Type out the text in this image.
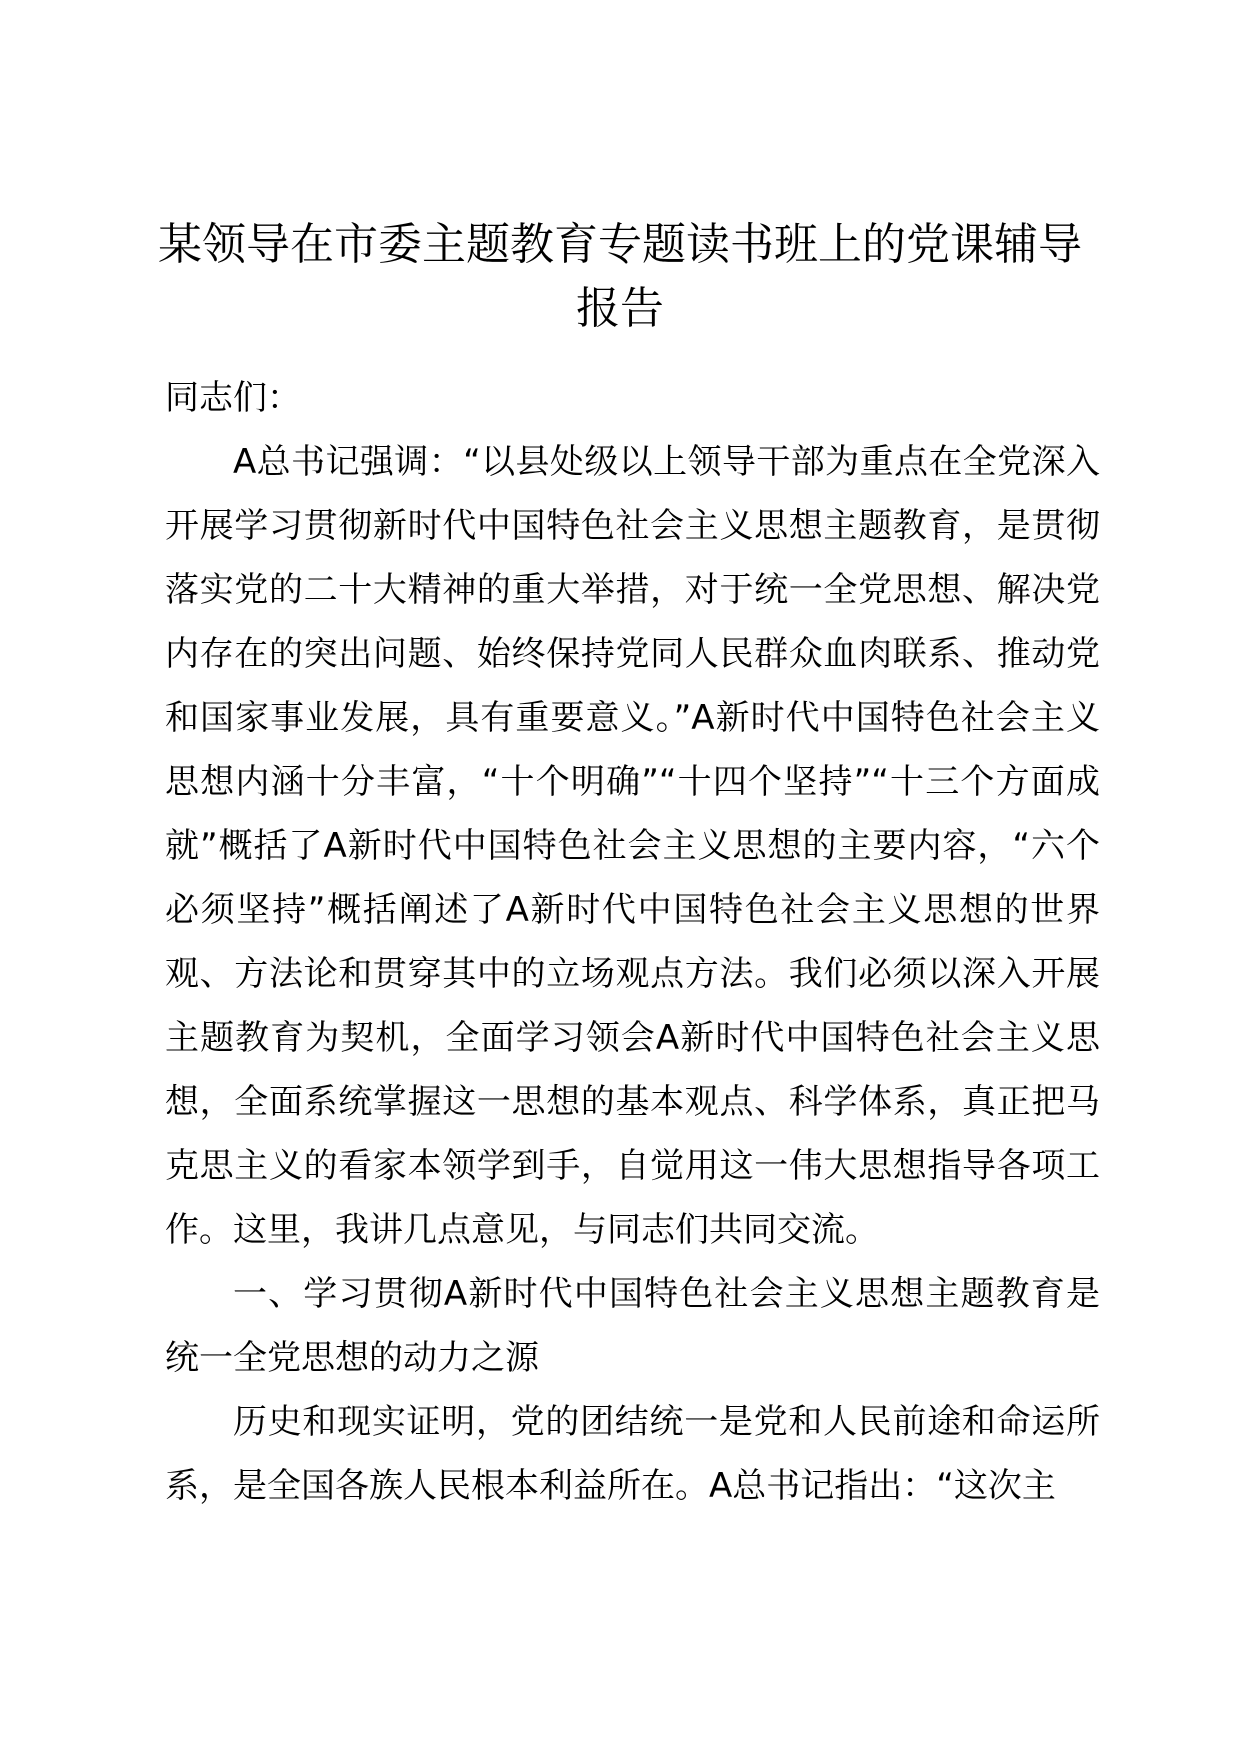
某领导在市委主题教育专题读书班上的党课辅导报告

同志们：

A总书记强调：“以县处级以上领导干部为重点在全党深入开展学习贯彻新时代中国特色社会主义思想主题教育，是贯彻落实党的二十大精神的重大举措，对于统一全党思想、解决党内存在的突出问题、始终保持党同人民群众血肉联系、推动党和国家事业发展，具有重要意义。”A新时代中国特色社会主义思想内涵十分丰富，“十个明确”“十四个坚持”“十三个方面成就”概括了A新时代中国特色社会主义思想的主要内容，“六个必须坚持”概括阐述了A新时代中国特色社会主义思想的世界观、方法论和贯穿其中的立场观点方法。我们必须以深入开展主题教育为契机，全面学习领会A新时代中国特色社会主义思想，全面系统掌握这一思想的基本观点、科学体系，真正把马克思主义的看家本领学到手，自觉用这一伟大思想指导各项工作。这里，我讲几点意见，与同志们共同交流。

一、学习贯彻A新时代中国特色社会主义思想主题教育是统一全党思想的动力之源

历史和现实证明，党的团结统一是党和人民前途和命运所系，是全国各族人民根本利益所在。A总书记指出：“这次主
